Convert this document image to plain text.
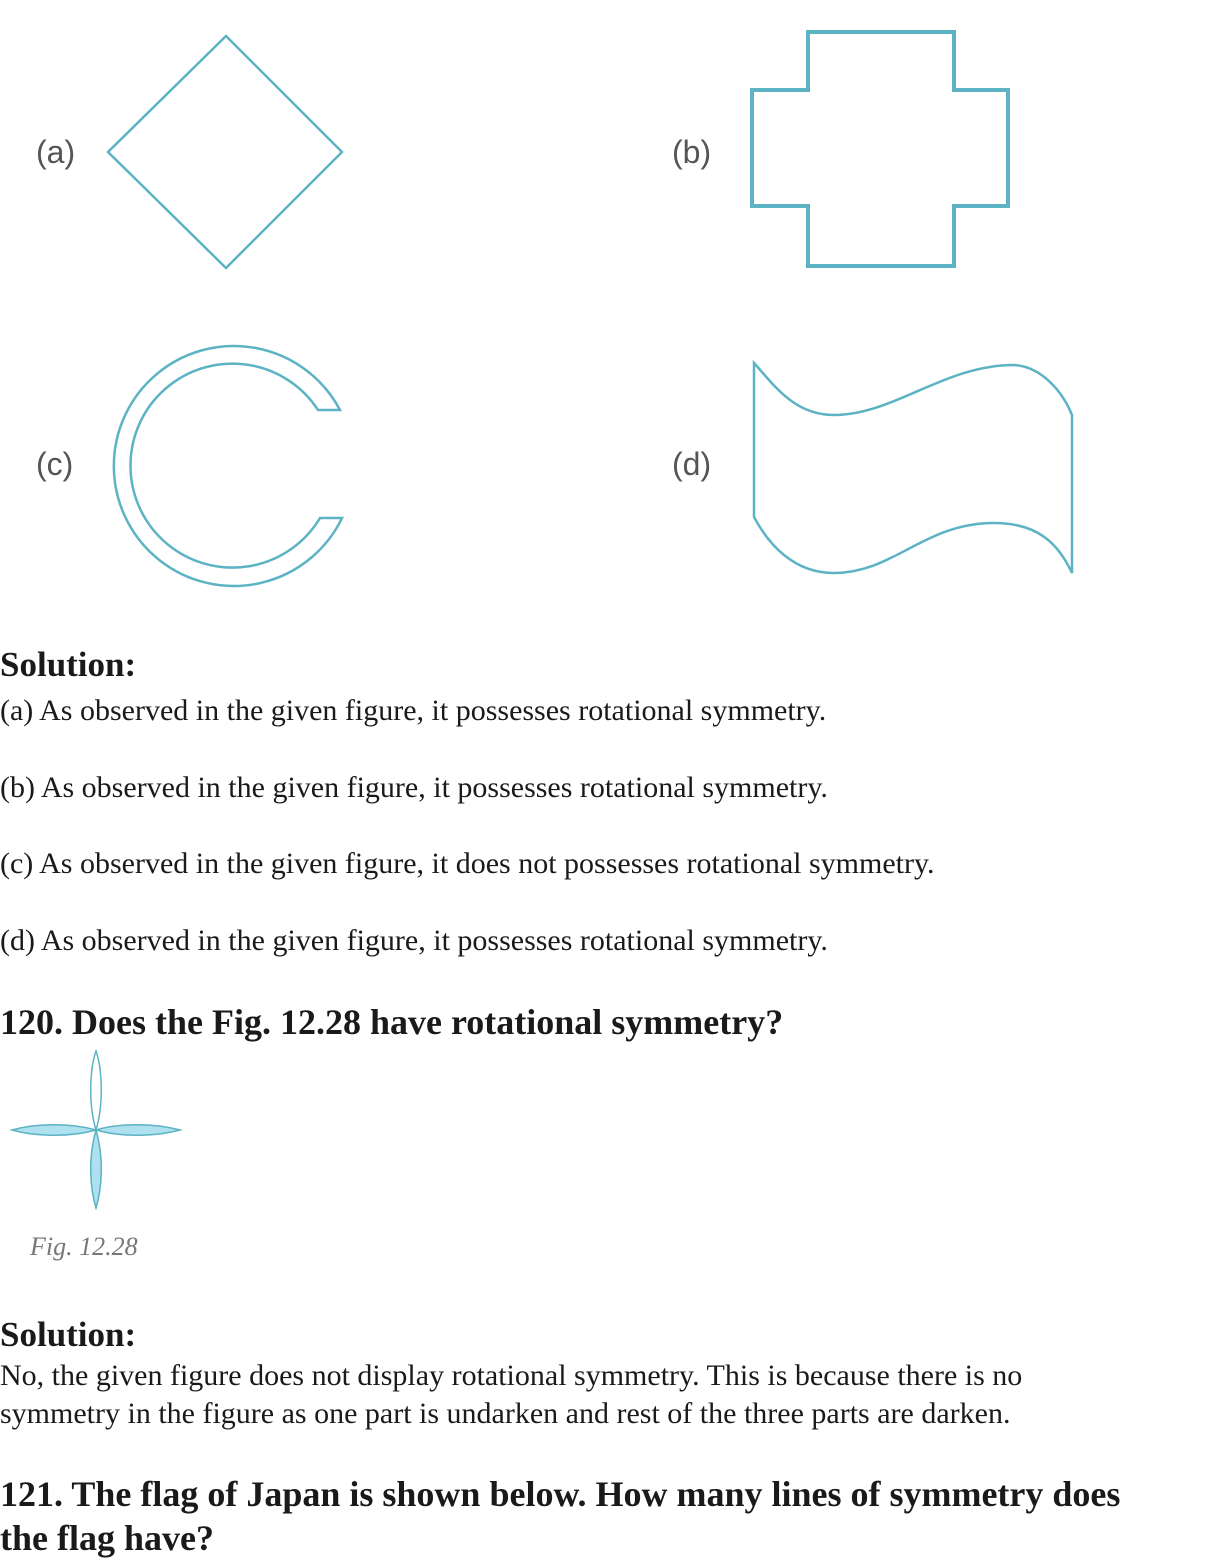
(a)	(b)
(c)	(d)
Solution:

(a) As observed in the given figure, it possesses rotational symmetry.

(b) As observed in the given figure, it possesses rotational symmetry.

(c) As observed in the given figure, it does not possesses rotational symmetry.

(d) As observed in the given figure, it possesses rotational symmetry.

120. Does the Fig. 12.28 have rotational symmetry?
Fig. 12.28
Solution:

No, the given figure does not display rotational symmetry. This is because there is no

symmetry in the figure as one part is undarken and rest of the three parts are darken.

121. The flag of Japan is shown below. How many lines of symmetry does
the flag have?
